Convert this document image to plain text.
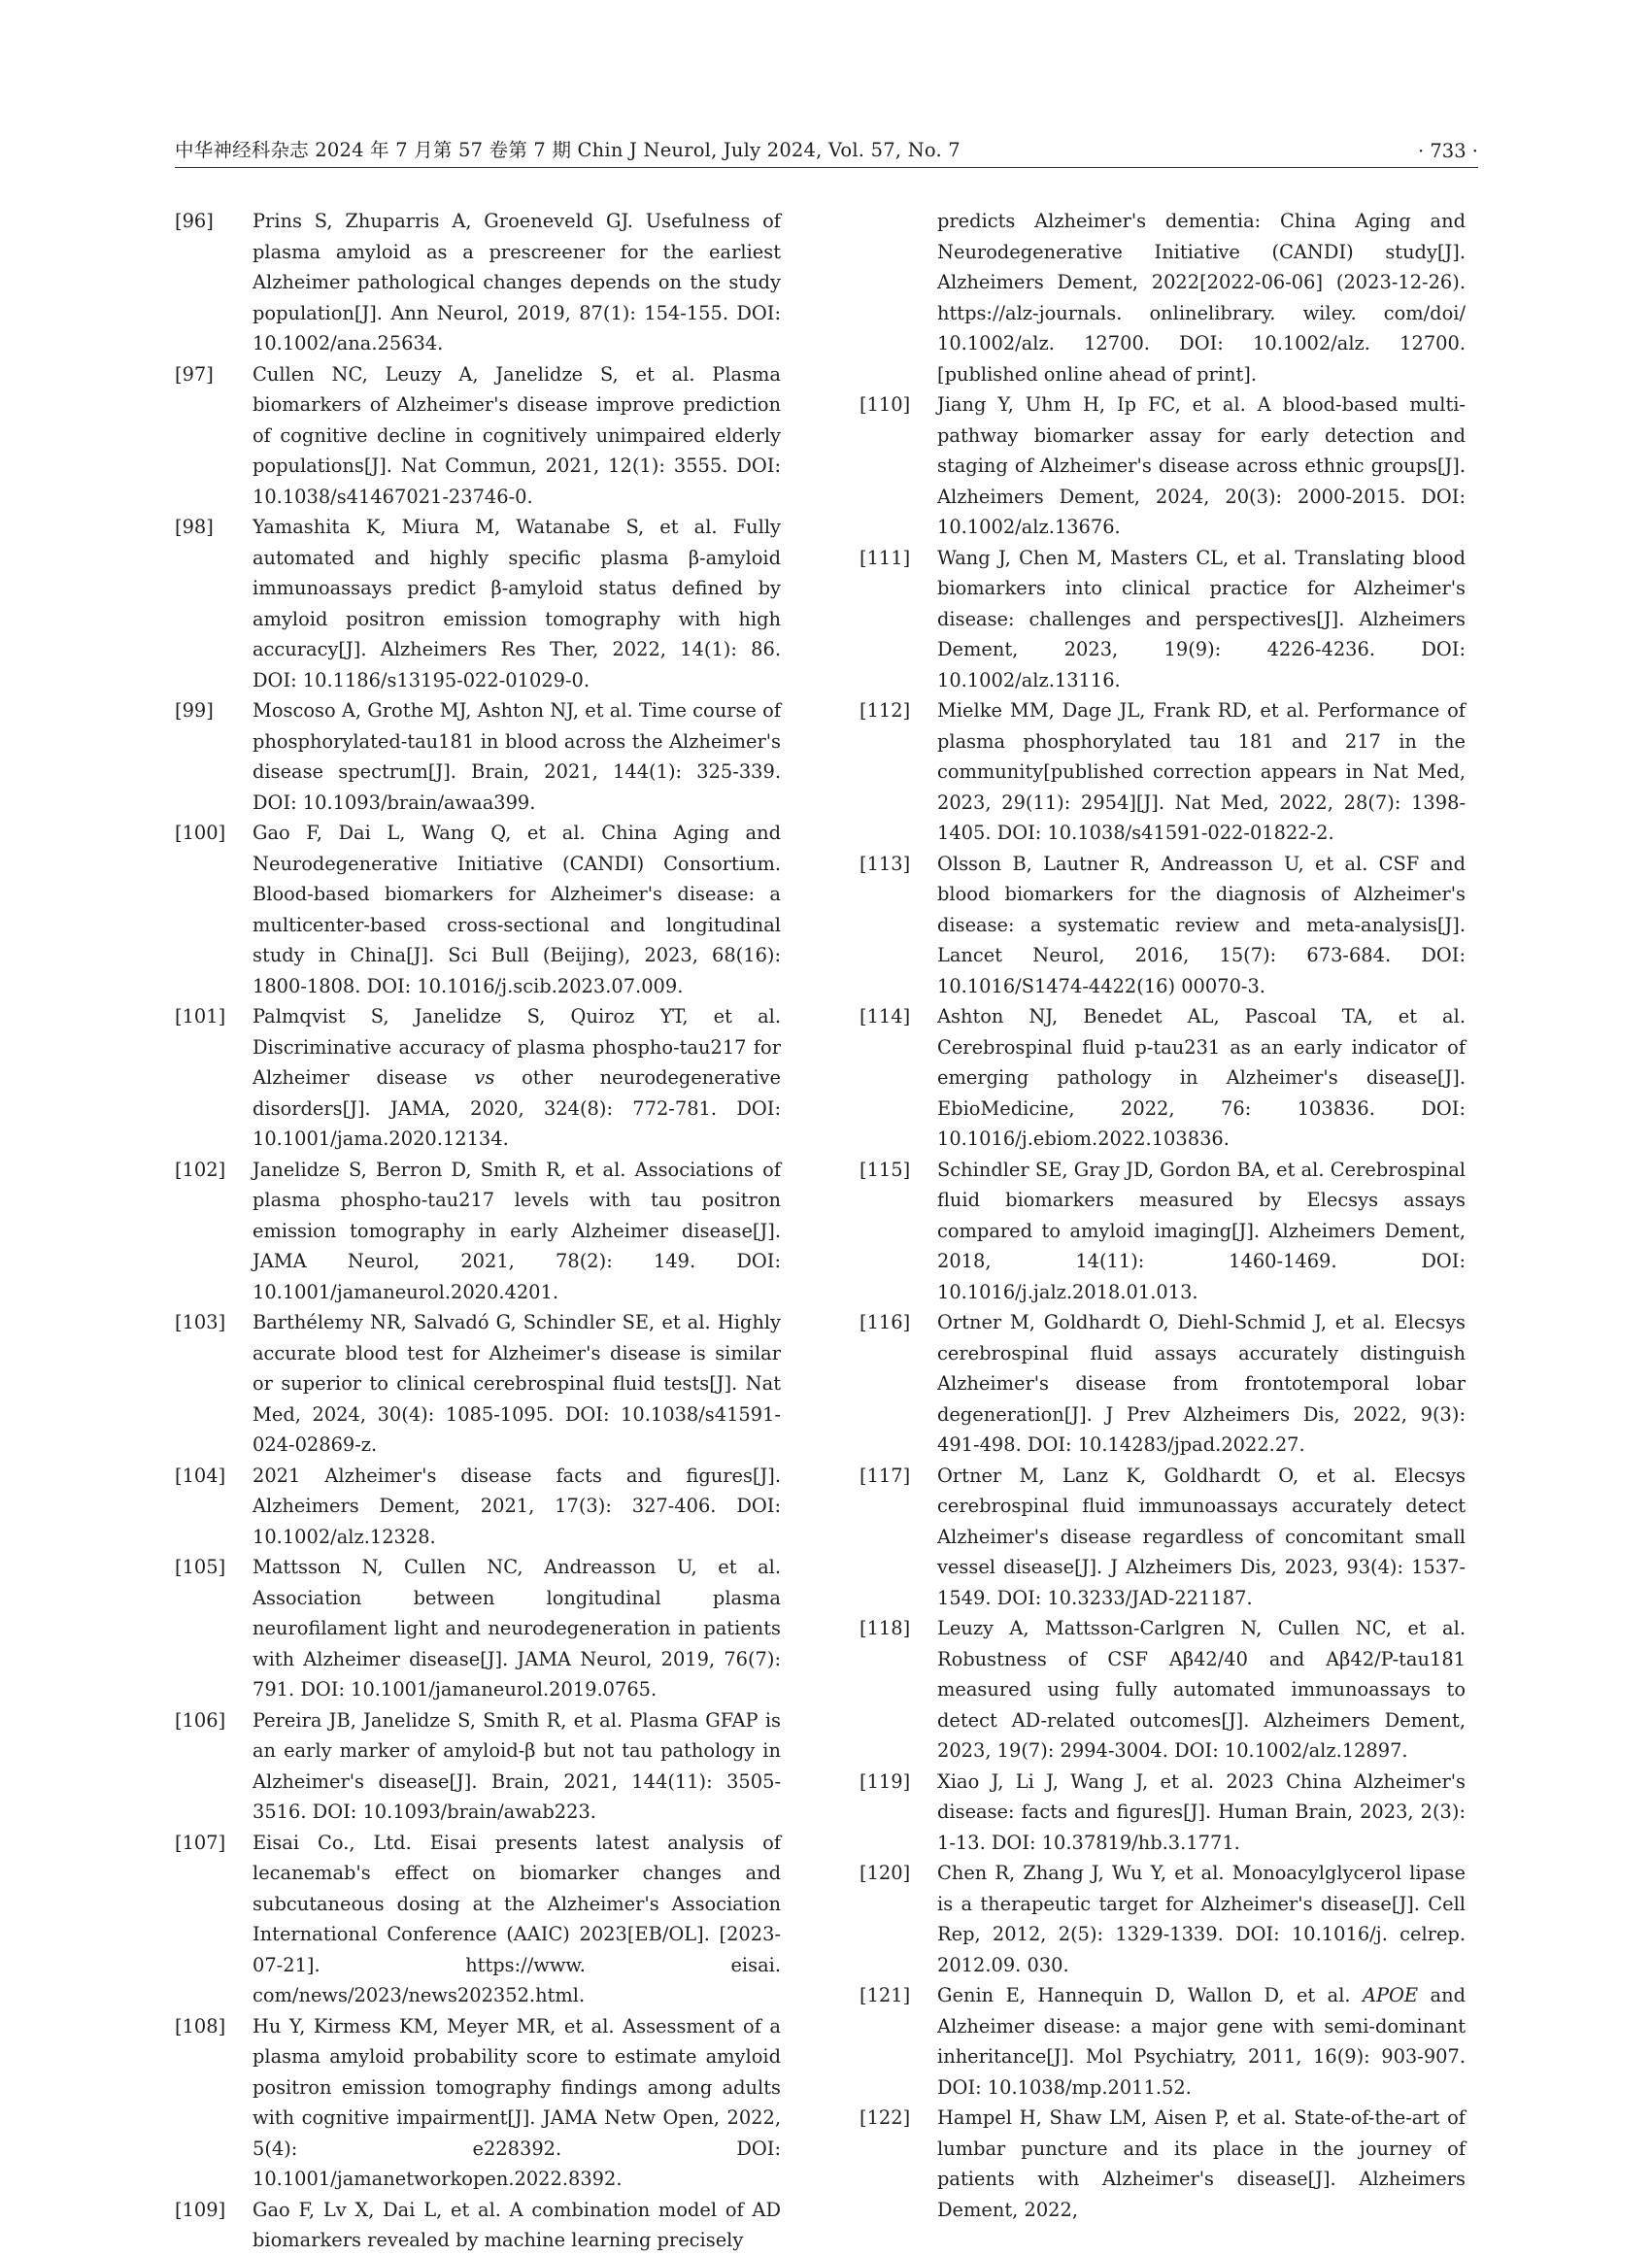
中华神经科杂志 2024 年 7 月第 57 卷第 7 期 Chin J Neurol, July 2024, Vol. 57, No. 7	· 733 ·
[96] Prins S, Zhuparris A, Groeneveld GJ. Usefulness of plasma amyloid as a prescreener for the earliest Alzheimer pathological changes depends on the study population[J]. Ann Neurol, 2019, 87(1): 154-155. DOI: 10.1002/ana.25634.
[97] Cullen NC, Leuzy A, Janelidze S, et al. Plasma biomarkers of Alzheimer's disease improve prediction of cognitive decline in cognitively unimpaired elderly populations[J]. Nat Commun, 2021, 12(1): 3555. DOI: 10.1038/s41467021-23746-0.
[98] Yamashita K, Miura M, Watanabe S, et al. Fully automated and highly specific plasma β-amyloid immunoassays predict β-amyloid status defined by amyloid positron emission tomography with high accuracy[J]. Alzheimers Res Ther, 2022, 14(1): 86. DOI: 10.1186/s13195-022-01029-0.
[99] Moscoso A, Grothe MJ, Ashton NJ, et al. Time course of phosphorylated-tau181 in blood across the Alzheimer's disease spectrum[J]. Brain, 2021, 144(1): 325-339. DOI: 10.1093/brain/awaa399.
[100] Gao F, Dai L, Wang Q, et al. China Aging and Neurodegenerative Initiative (CANDI) Consortium. Blood-based biomarkers for Alzheimer's disease: a multicenter-based cross-sectional and longitudinal study in China[J]. Sci Bull (Beijing), 2023, 68(16): 1800-1808. DOI: 10.1016/j.scib.2023.07.009.
[101] Palmqvist S, Janelidze S, Quiroz YT, et al. Discriminative accuracy of plasma phospho-tau217 for Alzheimer disease vs other neurodegenerative disorders[J]. JAMA, 2020, 324(8): 772-781. DOI: 10.1001/jama.2020.12134.
[102] Janelidze S, Berron D, Smith R, et al. Associations of plasma phospho-tau217 levels with tau positron emission tomography in early Alzheimer disease[J]. JAMA Neurol, 2021, 78(2): 149. DOI: 10.1001/jamaneurol.2020.4201.
[103] Barthélemy NR, Salvadó G, Schindler SE, et al. Highly accurate blood test for Alzheimer's disease is similar or superior to clinical cerebrospinal fluid tests[J]. Nat Med, 2024, 30(4): 1085-1095. DOI: 10.1038/s41591-024-02869-z.
[104] 2021 Alzheimer's disease facts and figures[J]. Alzheimers Dement, 2021, 17(3): 327-406. DOI: 10.1002/alz.12328.
[105] Mattsson N, Cullen NC, Andreasson U, et al. Association between longitudinal plasma neurofilament light and neurodegeneration in patients with Alzheimer disease[J]. JAMA Neurol, 2019, 76(7): 791. DOI: 10.1001/jamaneurol.2019.0765.
[106] Pereira JB, Janelidze S, Smith R, et al. Plasma GFAP is an early marker of amyloid-β but not tau pathology in Alzheimer's disease[J]. Brain, 2021, 144(11): 3505-3516. DOI: 10.1093/brain/awab223.
[107] Eisai Co., Ltd. Eisai presents latest analysis of lecanemab's effect on biomarker changes and subcutaneous dosing at the Alzheimer's Association International Conference (AAIC) 2023[EB/OL]. [2023-07-21]. https://www. eisai. com/news/2023/news202352.html.
[108] Hu Y, Kirmess KM, Meyer MR, et al. Assessment of a plasma amyloid probability score to estimate amyloid positron emission tomography findings among adults with cognitive impairment[J]. JAMA Netw Open, 2022, 5(4): e228392. DOI: 10.1001/jamanetworkopen.2022.8392.
[109] Gao F, Lv X, Dai L, et al. A combination model of AD biomarkers revealed by machine learning precisely
predicts Alzheimer's dementia: China Aging and Neurodegenerative Initiative (CANDI) study[J]. Alzheimers Dement, 2022[2022-06-06] (2023-12-26). https://alz-journals. onlinelibrary. wiley. com/doi/ 10.1002/alz. 12700. DOI: 10.1002/alz. 12700. [published online ahead of print].
[110] Jiang Y, Uhm H, Ip FC, et al. A blood-based multi-pathway biomarker assay for early detection and staging of Alzheimer's disease across ethnic groups[J]. Alzheimers Dement, 2024, 20(3): 2000-2015. DOI: 10.1002/alz.13676.
[111] Wang J, Chen M, Masters CL, et al. Translating blood biomarkers into clinical practice for Alzheimer's disease: challenges and perspectives[J]. Alzheimers Dement, 2023, 19(9): 4226-4236. DOI: 10.1002/alz.13116.
[112] Mielke MM, Dage JL, Frank RD, et al. Performance of plasma phosphorylated tau 181 and 217 in the community[published correction appears in Nat Med, 2023, 29(11): 2954][J]. Nat Med, 2022, 28(7): 1398-1405. DOI: 10.1038/s41591-022-01822-2.
[113] Olsson B, Lautner R, Andreasson U, et al. CSF and blood biomarkers for the diagnosis of Alzheimer's disease: a systematic review and meta-analysis[J]. Lancet Neurol, 2016, 15(7): 673-684. DOI: 10.1016/S1474-4422(16) 00070-3.
[114] Ashton NJ, Benedet AL, Pascoal TA, et al. Cerebrospinal fluid p-tau231 as an early indicator of emerging pathology in Alzheimer's disease[J]. EbioMedicine, 2022, 76: 103836. DOI: 10.1016/j.ebiom.2022.103836.
[115] Schindler SE, Gray JD, Gordon BA, et al. Cerebrospinal fluid biomarkers measured by Elecsys assays compared to amyloid imaging[J]. Alzheimers Dement, 2018, 14(11): 1460-1469. DOI: 10.1016/j.jalz.2018.01.013.
[116] Ortner M, Goldhardt O, Diehl-Schmid J, et al. Elecsys cerebrospinal fluid assays accurately distinguish Alzheimer's disease from frontotemporal lobar degeneration[J]. J Prev Alzheimers Dis, 2022, 9(3): 491-498. DOI: 10.14283/jpad.2022.27.
[117] Ortner M, Lanz K, Goldhardt O, et al. Elecsys cerebrospinal fluid immunoassays accurately detect Alzheimer's disease regardless of concomitant small vessel disease[J]. J Alzheimers Dis, 2023, 93(4): 1537-1549. DOI: 10.3233/JAD-221187.
[118] Leuzy A, Mattsson-Carlgren N, Cullen NC, et al. Robustness of CSF Aβ42/40 and Aβ42/P-tau181 measured using fully automated immunoassays to detect AD-related outcomes[J]. Alzheimers Dement, 2023, 19(7): 2994-3004. DOI: 10.1002/alz.12897.
[119] Xiao J, Li J, Wang J, et al. 2023 China Alzheimer's disease: facts and figures[J]. Human Brain, 2023, 2(3): 1-13. DOI: 10.37819/hb.3.1771.
[120] Chen R, Zhang J, Wu Y, et al. Monoacylglycerol lipase is a therapeutic target for Alzheimer's disease[J]. Cell Rep, 2012, 2(5): 1329-1339. DOI: 10.1016/j. celrep. 2012.09. 030.
[121] Genin E, Hannequin D, Wallon D, et al. APOE and Alzheimer disease: a major gene with semi-dominant inheritance[J]. Mol Psychiatry, 2011, 16(9): 903-907. DOI: 10.1038/mp.2011.52.
[122] Hampel H, Shaw LM, Aisen P, et al. State-of-the-art of lumbar puncture and its place in the journey of patients with Alzheimer's disease[J]. Alzheimers Dement, 2022,
